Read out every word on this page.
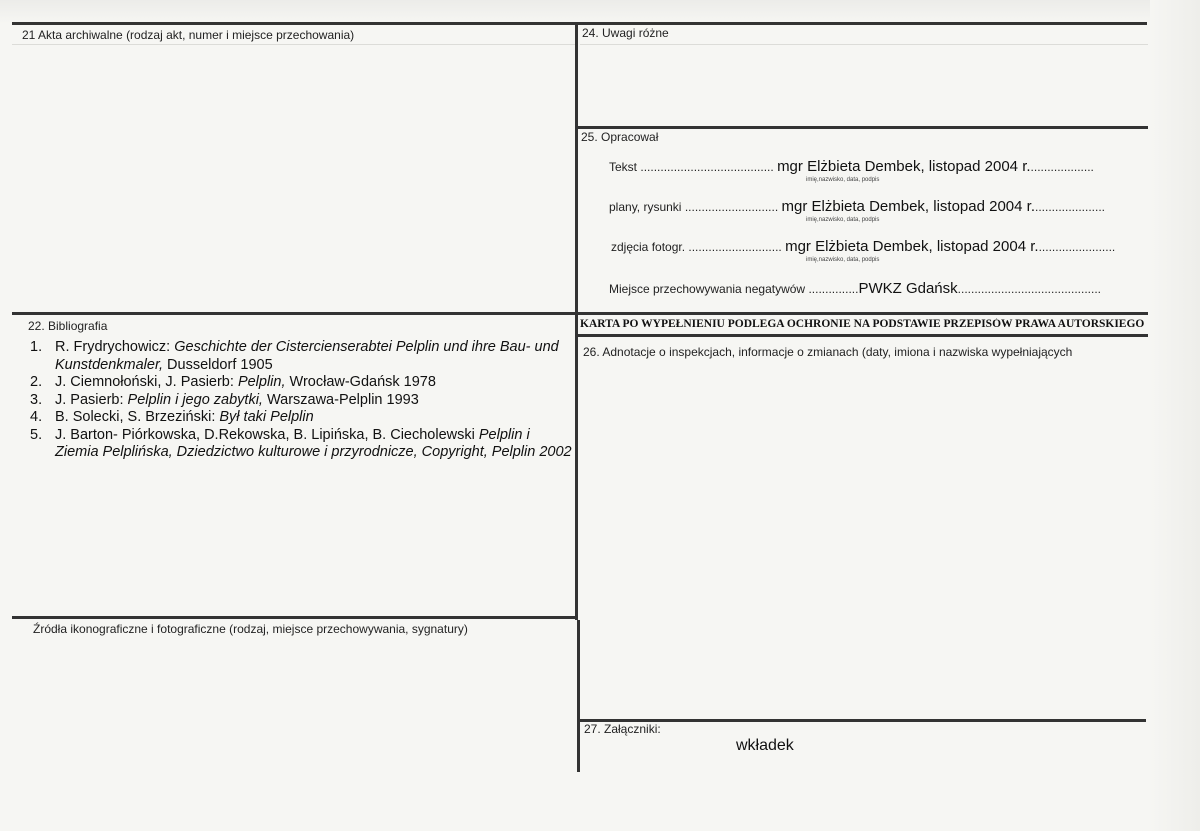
21 Akta archiwalne (rodzaj akt, numer i miejsce przechowania)	24. Uwagi różne
25. Opracował
Tekst ........................................ mgr Elżbieta Dembek, listopad 2004 r....................
imię,nazwisko, data, podpis
plany, rysunki ............................ mgr Elżbieta Dembek, listopad 2004 r......................
imię,nazwisko, data, podpis
zdjęcia fotogr. ............................ mgr Elżbieta Dembek, listopad 2004 r........................
imię,nazwisko, data, podpis
Miejsce przechowywania negatywów ...............PWKZ Gdańsk...........................................
KARTA PO WYPEŁNIENIU PODLEGA OCHRONIE NA PODSTAWIE PRZEPISÓW PRAWA AUTORSKIEGO
22. Bibliografia
1. R. Frydrychowicz: Geschichte der Cistercienserabtei Pelplin und ihre Bau- und Kunstdenkmaler, Dusseldorf 1905
2. J. Ciemnołoński, J. Pasierb: Pelplin, Wrocław-Gdańsk 1978
3. J. Pasierb: Pelplin i jego zabytki, Warszawa-Pelplin 1993
4. B. Solecki, S. Brzeziński: Był taki Pelplin
5. J. Barton- Piórkowska, D.Rekowska, B. Lipińska, B. Ciecholewski Pelplin i Ziemia Pelplińska, Dziedzictwo kulturowe i przyrodnicze, Copyright, Pelplin 2002
Źródła ikonograficzne i fotograficzne (rodzaj, miejsce przechowywania, sygnatury)
26. Adnotacje o inspekcjach, informacje o zmianach (daty, imiona i nazwiska wypełniających
27. Załączniki:
wkładek
